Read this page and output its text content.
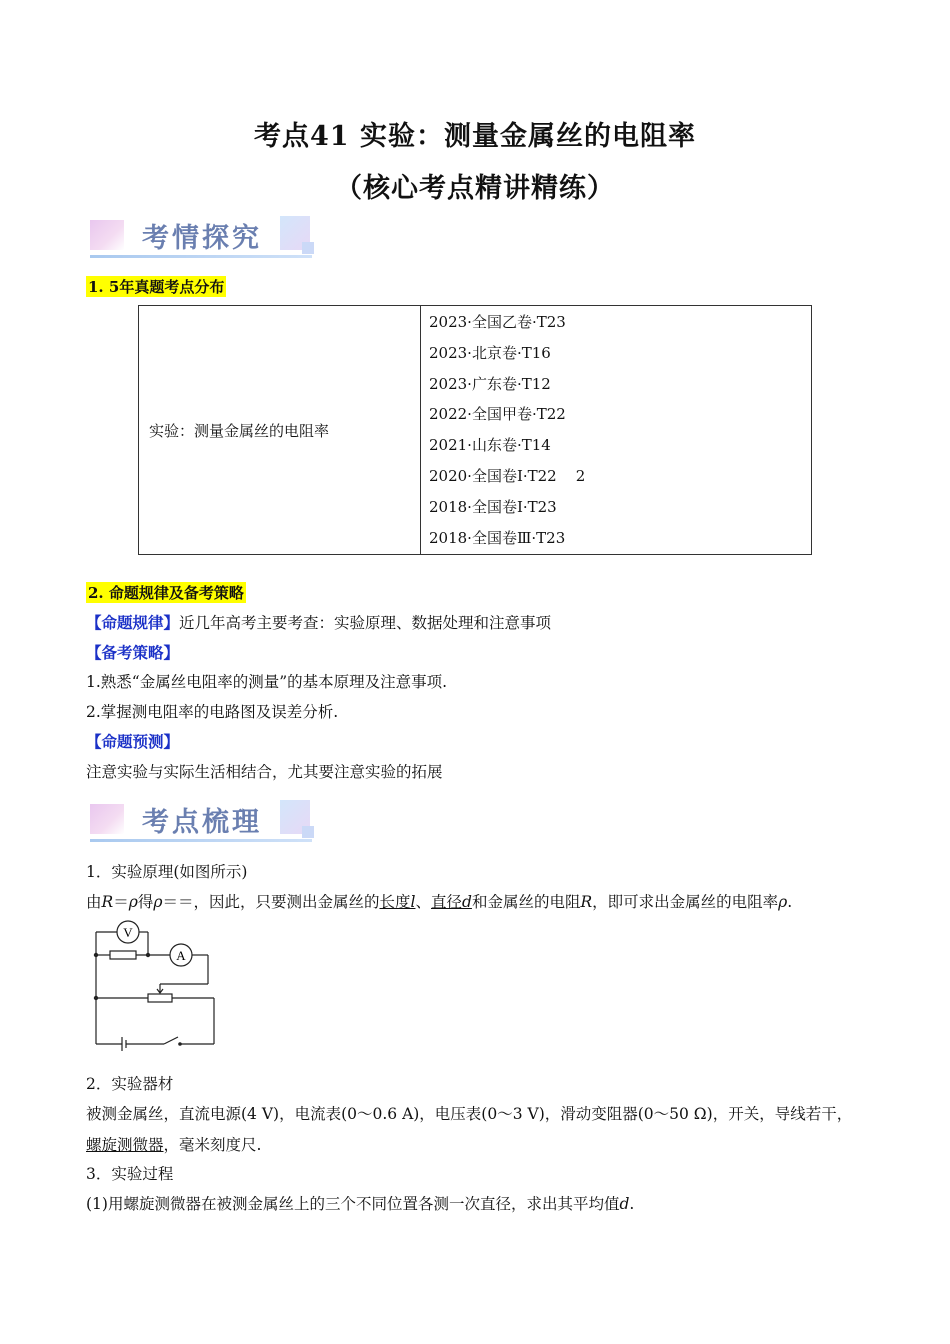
考点41 实验：测量金属丝的电阻率
（核心考点精讲精练）
考情探究
1. 5年真题考点分布
实验：测量金属丝的电阻率	
2023·全国乙卷·T23
2023·北京卷·T16
2023·广东卷·T12
2022·全国甲卷·T22
2021·山东卷·T14
2020·全国卷Ⅰ·T22    2
2018·全国卷Ⅰ·T23
2018·全国卷Ⅲ·T23
2. 命题规律及备考策略
【命题规律】近几年高考主要考查：实验原理、数据处理和注意事项
【备考策略】
1.熟悉“金属丝电阻率的测量”的基本原理及注意事项.
2.掌握测电阻率的电路图及误差分析.
【命题预测】
注意实验与实际生活相结合，尤其要注意实验的拓展
考点梳理
1．实验原理(如图所示)
由R＝ρ得ρ＝＝，因此，只要测出金属丝的长度l、直径d和金属丝的电阻R，即可求出金属丝的电阻率ρ.
V
A
2．实验器材
被测金属丝，直流电源(4 V)，电流表(0～0.6 A)，电压表(0～3 V)，滑动变阻器(0～50 Ω)，开关，导线若干，
螺旋测微器，毫米刻度尺.
3．实验过程
(1)用螺旋测微器在被测金属丝上的三个不同位置各测一次直径，求出其平均值d.
